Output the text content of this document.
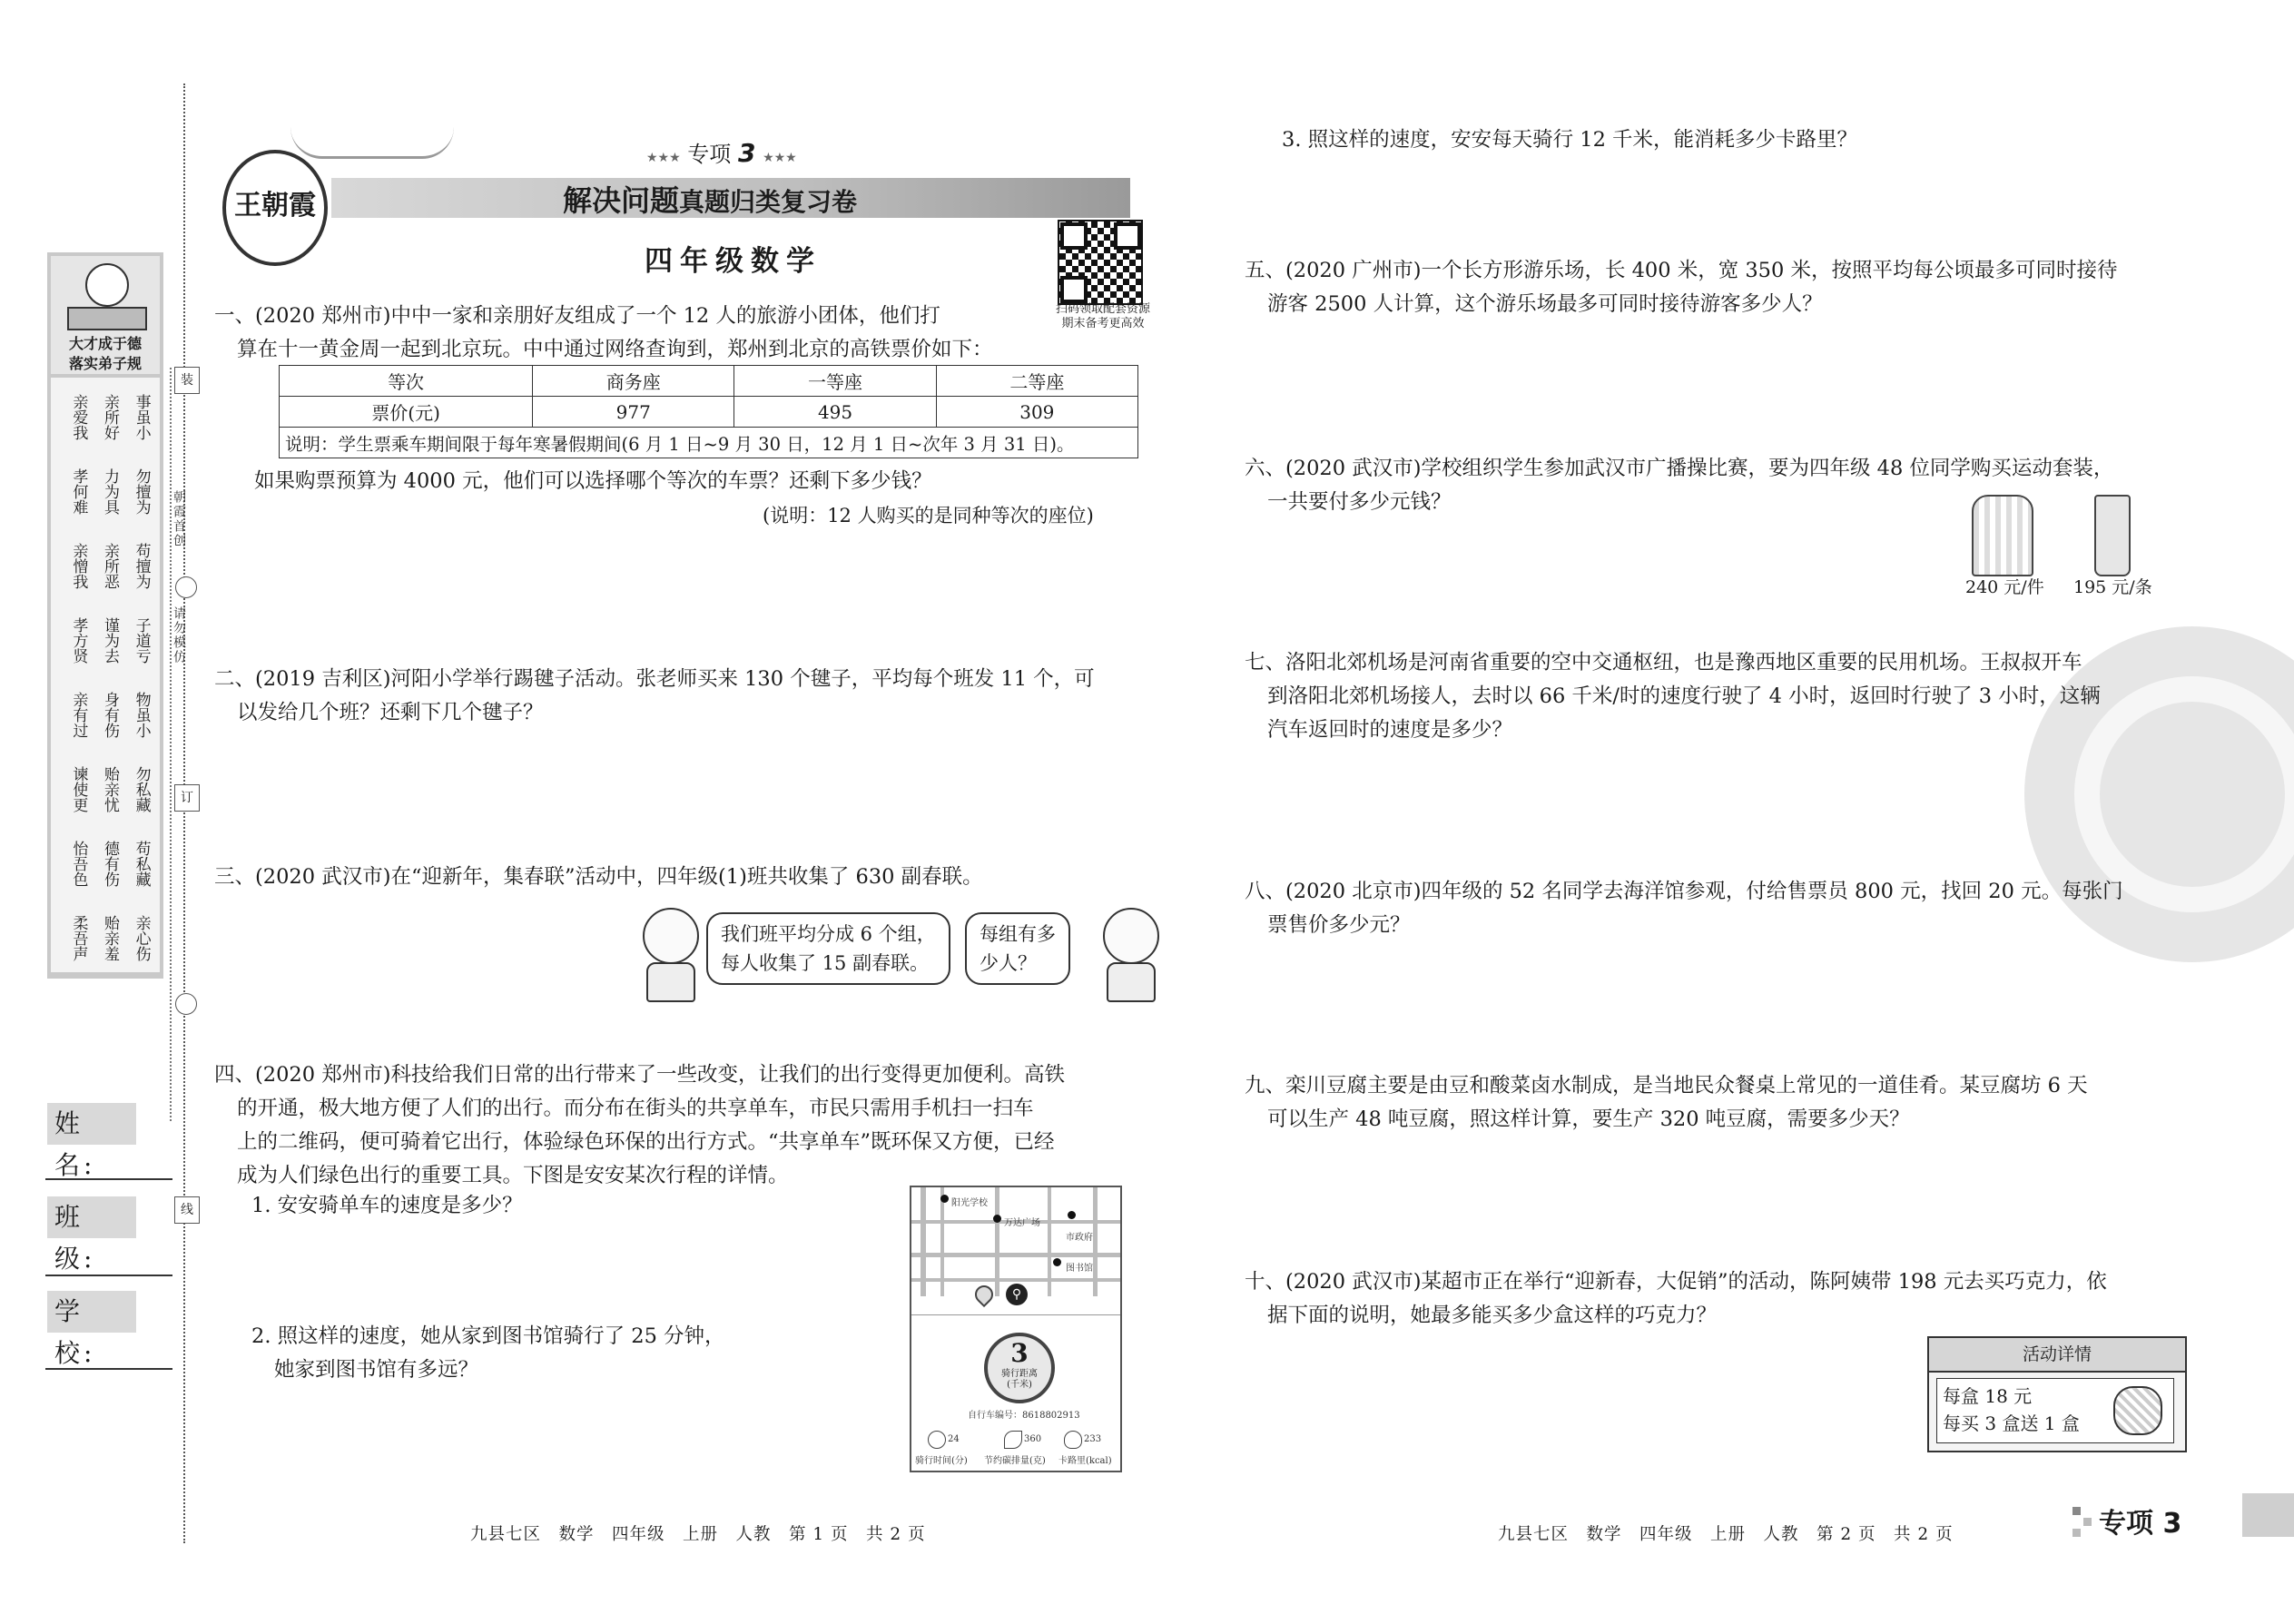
装
朝霞首创
请勿模仿
订
线
大才成于德
落实弟子规
亲爱我 亲所好 事虽小
孝何难 力为具 勿擅为
亲憎我 亲所恶 苟擅为
孝方贤 谨为去 子道亏
亲有过 身有伤 物虽小
谏使更 贻亲忧 勿私藏
怡吾色 德有伤 苟私藏
柔吾声 贻亲羞 亲心伤
姓 名:
班 级:
学 校:
王朝霞
★★★ 专项 3 ★★★
解决问题真题归类复习卷
四年级数学
扫码领取配套资源
期末备考更高效

一、(2020 郑州市)中中一家和亲朋好友组成了一个 12 人的旅游小团体，他们打

算在十一黄金周一起到北京玩。中中通过网络查询到，郑州到北京的高铁票价如下：

等次	商务座	一等座	二等座
票价(元)	977	495	309
说明：学生票乘车期间限于每年寒暑假期间(6 月 1 日~9 月 30 日，12 月 1 日~次年 3 月 31 日)。			

如果购票预算为 4000 元，他们可以选择哪个等次的车票？还剩下多少钱？

(说明：12 人购买的是同种等次的座位)

二、(2019 吉利区)河阳小学举行踢毽子活动。张老师买来 130 个毽子，平均每个班发 11 个，可

以发给几个班？还剩下几个毽子？

三、(2020 武汉市)在“迎新年，集春联”活动中，四年级(1)班共收集了 630 副春联。

我们班平均分成 6 个组，
每人收集了 15 副春联。
每组有多
少人？

四、(2020 郑州市)科技给我们日常的出行带来了一些改变，让我们的出行变得更加便利。高铁

的开通，极大地方便了人们的出行。而分布在街头的共享单车，市民只需用手机扫一扫车

上的二维码，便可骑着它出行，体验绿色环保的出行方式。“共享单车”既环保又方便，已经

成为人们绿色出行的重要工具。下图是安安某次行程的详情。

1. 安安骑单车的速度是多少？

2. 照这样的速度，她从家到图书馆骑行了 25 分钟，

她家到图书馆有多远？

阳光学校
万达广场
市政府
图书馆
⚲
3
骑行距离
(千米)
自行车编号：8618802913
24
骑行时间(分)
360
节约碳排量(克)
233
卡路里(kcal)

3. 照这样的速度，安安每天骑行 12 千米，能消耗多少卡路里？

五、(2020 广州市)一个长方形游乐场，长 400 米，宽 350 米，按照平均每公顷最多可同时接待

游客 2500 人计算，这个游乐场最多可同时接待游客多少人？

六、(2020 武汉市)学校组织学生参加武汉市广播操比赛，要为四年级 48 位同学购买运动套装，

一共要付多少元钱？

240 元/件 195 元/条

七、洛阳北郊机场是河南省重要的空中交通枢纽，也是豫西地区重要的民用机场。王叔叔开车

到洛阳北郊机场接人，去时以 66 千米/时的速度行驶了 4 小时，返回时行驶了 3 小时，这辆

汽车返回时的速度是多少？

八、(2020 北京市)四年级的 52 名同学去海洋馆参观，付给售票员 800 元，找回 20 元。每张门

票售价多少元？

九、栾川豆腐主要是由豆和酸菜卤水制成，是当地民众餐桌上常见的一道佳肴。某豆腐坊 6 天

可以生产 48 吨豆腐，照这样计算，要生产 320 吨豆腐，需要多少天？

十、(2020 武汉市)某超市正在举行“迎新春，大促销”的活动，陈阿姨带 198 元去买巧克力，依

据下面的说明，她最多能买多少盒这样的巧克力？

活动详情
每盒 18 元
每买 3 盒送 1 盒
九县七区　数学　四年级　上册　人教　第 1 页　共 2 页	九县七区　数学　四年级　上册　人教　第 2 页　共 2 页	专项 3
